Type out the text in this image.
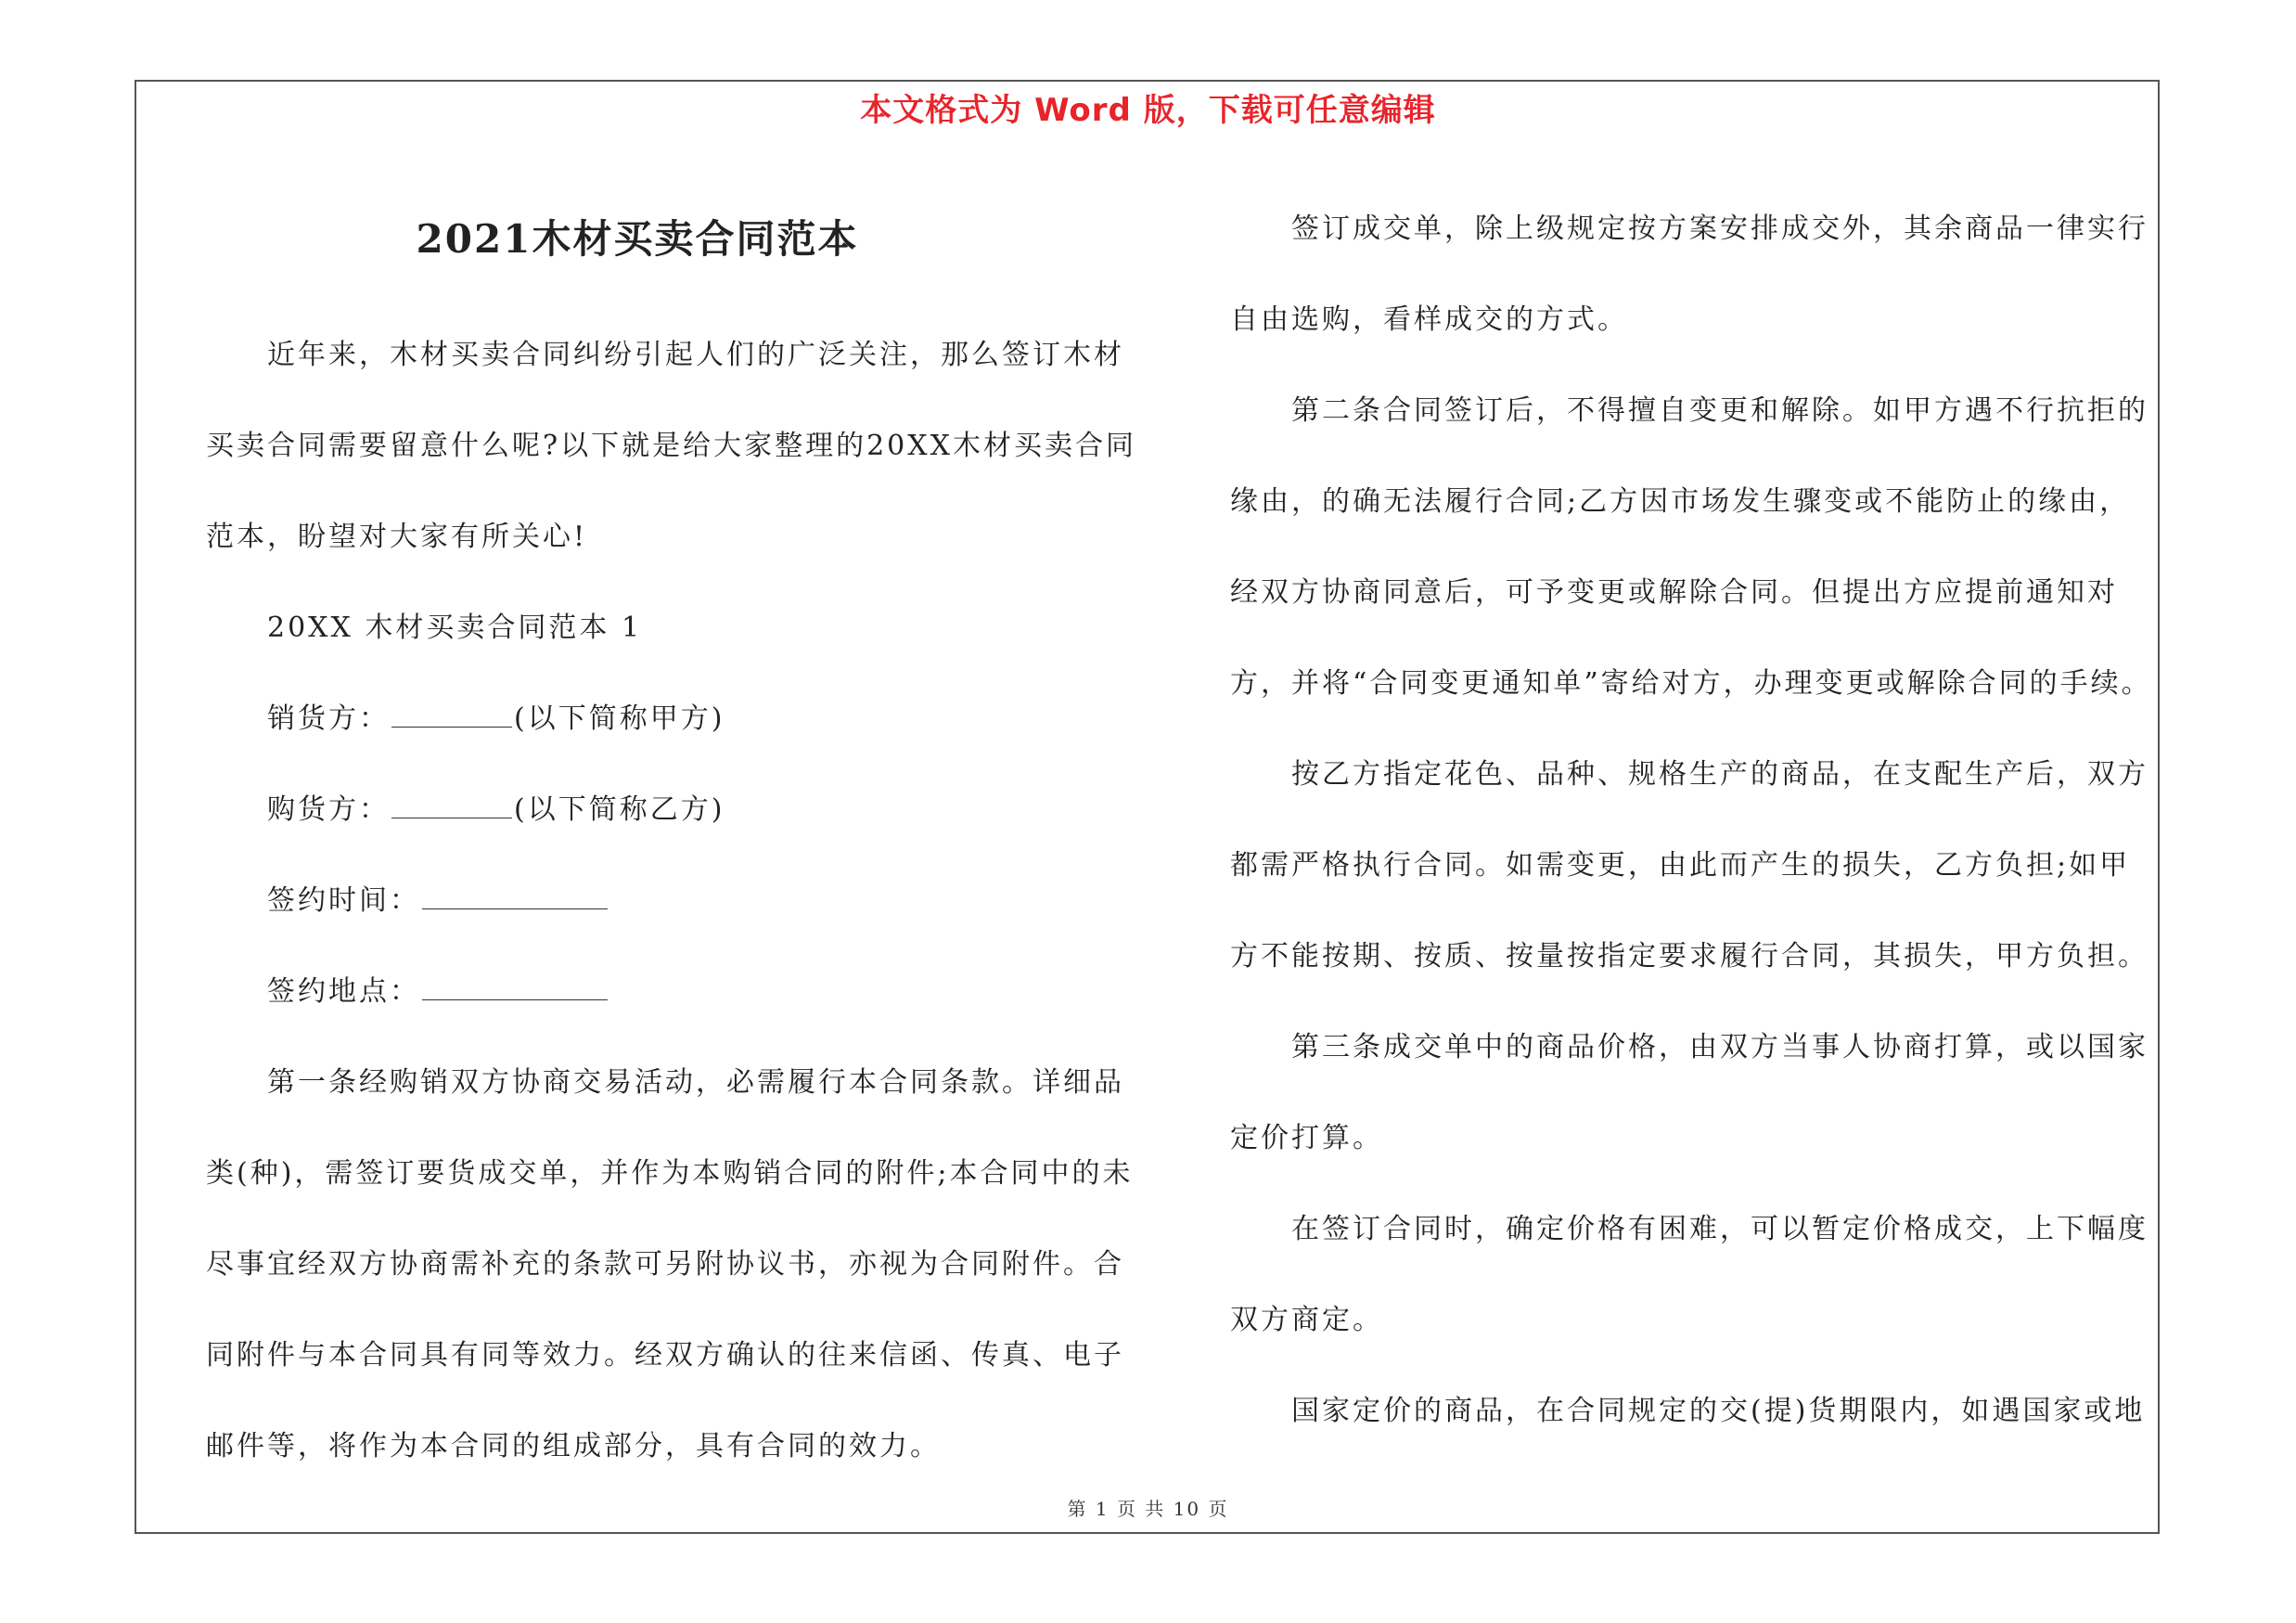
本文格式为 Word 版，下载可任意编辑
2021木材买卖合同范本

近年来，木材买卖合同纠纷引起人们的广泛关注，那么签订木材买卖合同需要留意什么呢?以下就是给大家整理的20XX木材买卖合同范本，盼望对大家有所关心!

20XX 木材买卖合同范本 1

销货方：	(以下简称甲方)

购货方：	(以下简称乙方)

签约时间：

签约地点：

第一条经购销双方协商交易活动，必需履行本合同条款。详细品类(种)，需签订要货成交单，并作为本购销合同的附件;本合同中的未尽事宜经双方协商需补充的条款可另附协议书，亦视为合同附件。合同附件与本合同具有同等效力。经双方确认的往来信函、传真、电子邮件等，将作为本合同的组成部分，具有合同的效力。

签订成交单，除上级规定按方案安排成交外，其余商品一律实行自由选购，看样成交的方式。

第二条合同签订后，不得擅自变更和解除。如甲方遇不行抗拒的缘由，的确无法履行合同;乙方因市场发生骤变或不能防止的缘由，经双方协商同意后，可予变更或解除合同。但提出方应提前通知对方，并将“合同变更通知单”寄给对方，办理变更或解除合同的手续。

按乙方指定花色、品种、规格生产的商品，在支配生产后，双方都需严格执行合同。如需变更，由此而产生的损失，乙方负担;如甲方不能按期、按质、按量按指定要求履行合同，其损失，甲方负担。

第三条成交单中的商品价格，由双方当事人协商打算，或以国家定价打算。

在签订合同时，确定价格有困难，可以暂定价格成交，上下幅度双方商定。

国家定价的商品，在合同规定的交(提)货期限内，如遇国家或地

第 1 页 共 10 页
